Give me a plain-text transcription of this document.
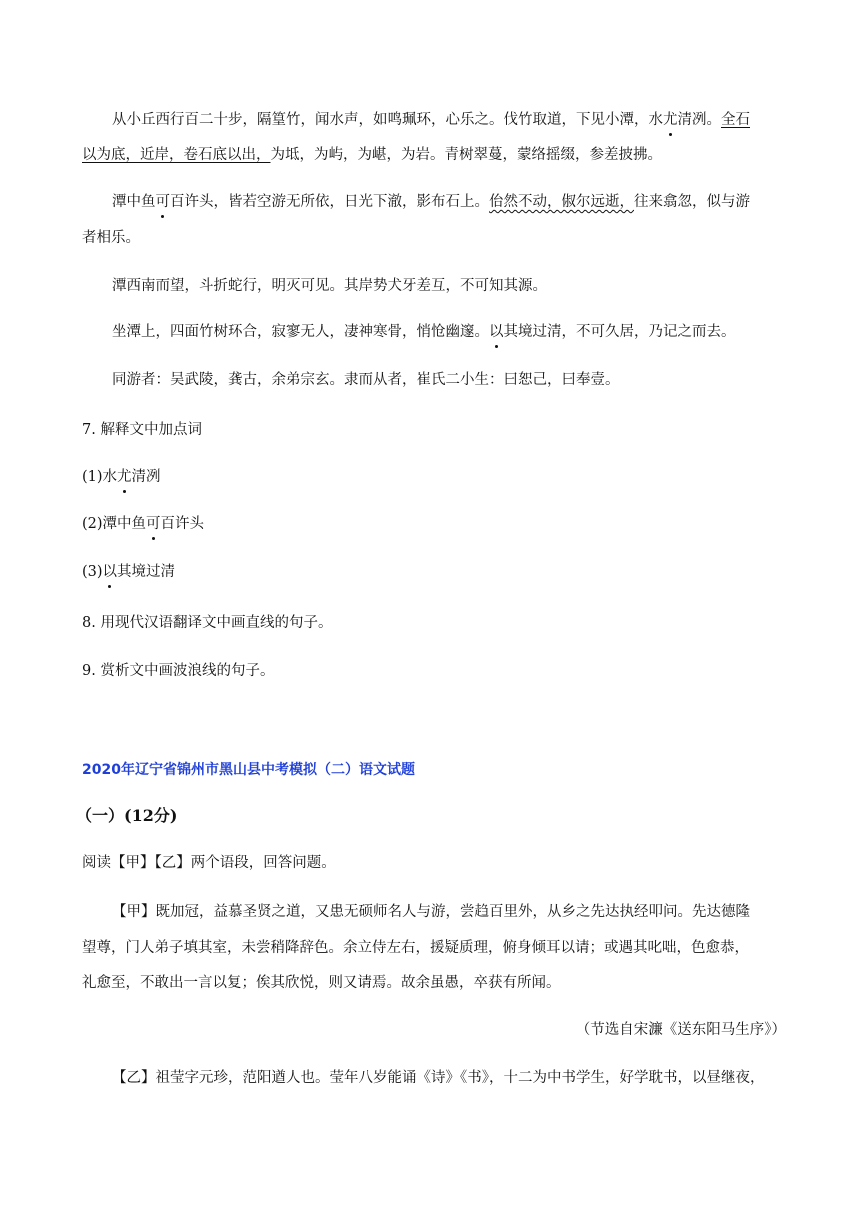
从小丘西行百二十步，隔篁竹，闻水声，如鸣珮环，心乐之。伐竹取道，下见小潭，水尤清冽。全石
以为底，近岸，卷石底以出，为坻，为屿，为嵁，为岩。青树翠蔓，蒙络摇缀，参差披拂。
潭中鱼可百许头，皆若空游无所依，日光下澈，影布石上。佁然不动，俶尔远逝，往来翕忽，似与游
者相乐。
潭西南而望，斗折蛇行，明灭可见。其岸势犬牙差互，不可知其源。
坐潭上，四面竹树环合，寂寥无人，凄神寒骨，悄怆幽邃。以其境过清，不可久居，乃记之而去。
同游者：吴武陵，龚古，余弟宗玄。隶而从者，崔氏二小生：曰恕己，曰奉壹。
7. 解释文中加点词
(1)水尤清冽
(2)潭中鱼可百许头
(3)以其境过清
8. 用现代汉语翻译文中画直线的句子。
9. 赏析文中画波浪线的句子。
2020年辽宁省锦州市黑山县中考模拟（二）语文试题
（一）(12分)
阅读【甲】【乙】两个语段，回答问题。
【甲】既加冠，益慕圣贤之道，又患无硕师名人与游，尝趋百里外，从乡之先达执经叩问。先达德隆
望尊，门人弟子填其室，未尝稍降辞色。余立侍左右，援疑质理，俯身倾耳以请；或遇其叱咄，色愈恭，
礼愈至，不敢出一言以复；俟其欣悦，则又请焉。故余虽愚，卒获有所闻。
（节选自宋濂《送东阳马生序》）
【乙】祖莹字元珍，范阳遒人也。莹年八岁能诵《诗》《书》，十二为中书学生，好学耽书，以昼继夜，
